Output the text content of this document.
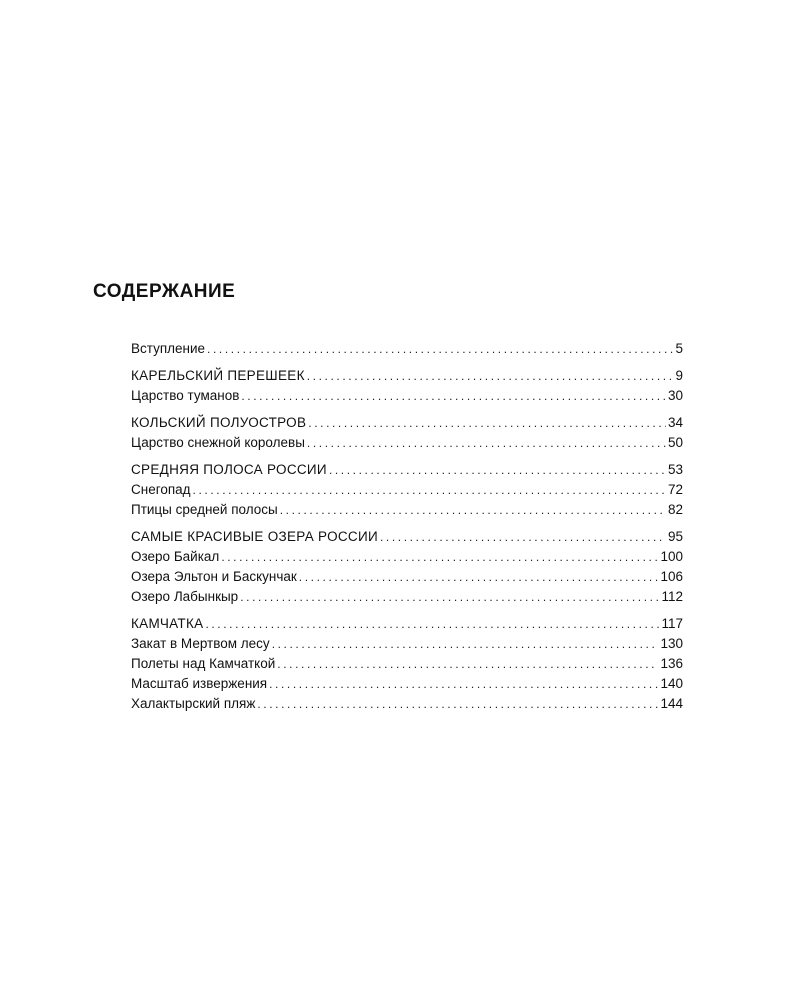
СОДЕРЖАНИЕ
Вступление .....	5
КАРЕЛЬСКИЙ ПЕРЕШЕЕК .....	9
Царство туманов .....	30
КОЛЬСКИЙ ПОЛУОСТРОВ .....	34
Царство снежной королевы .....	50
СРЕДНЯЯ ПОЛОСА РОССИИ .....	53
Снегопад .....	72
Птицы средней полосы .....	82
САМЫЕ КРАСИВЫЕ ОЗЕРА РОССИИ .....	95
Озеро Байкал .....	100
Озера Эльтон и Баскунчак .....	106
Озеро Лабынкыр .....	112
КАМЧАТКА .....	117
Закат в Мертвом лесу .....	130
Полеты над Камчаткой .....	136
Масштаб извержения .....	140
Халактырский пляж .....	144
